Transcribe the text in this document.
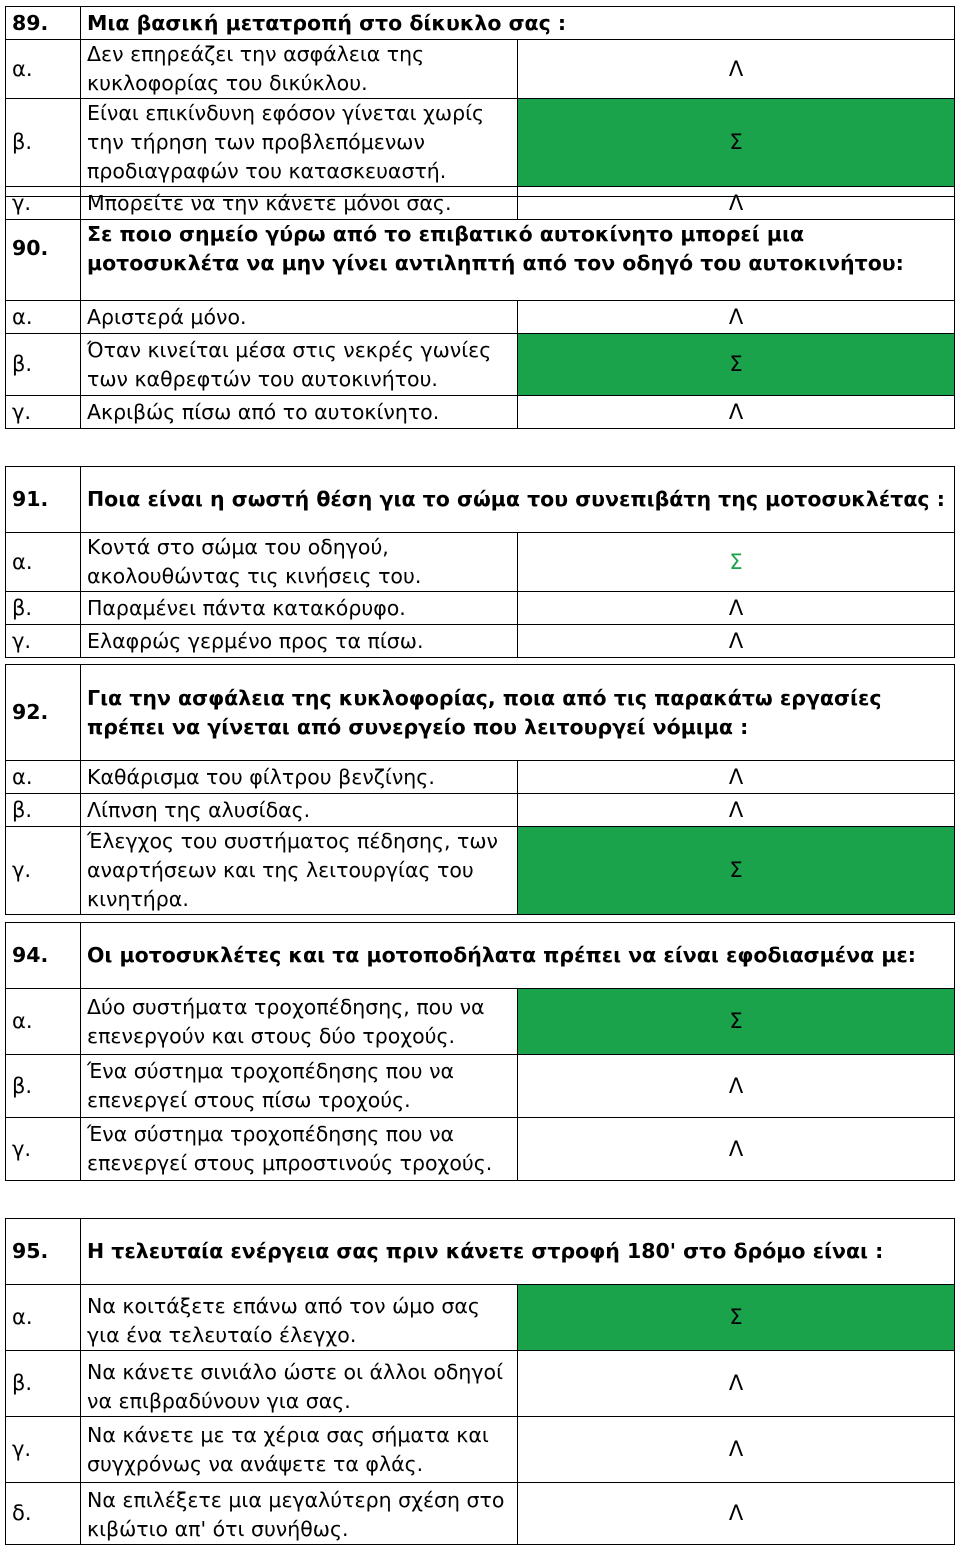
89.	Μια βασική μετατροπή στο δίκυκλο σας :	
α.	Δεν επηρεάζει την ασφάλεια της κυκλοφορίας του δικύκλου.	Λ
β.	Είναι επικίνδυνη εφόσον γίνεται χωρίς την τήρηση των προβλεπόμενων προδιαγραφών του κατασκευαστή.	Σ
γ.	Μπορείτε να την κάνετε μόνοι σας.	Λ
90.	Σε ποιο σημείο γύρω από το επιβατικό αυτοκίνητο μπορεί μια μοτοσυκλέτα να μην γίνει αντιληπτή από τον οδηγό του αυτοκινήτου:	
α.	Αριστερά μόνο.	Λ
β.	Όταν κινείται μέσα στις νεκρές γωνίες των καθρεφτών του αυτοκινήτου.	Σ
γ.	Ακριβώς πίσω από το αυτοκίνητο.	Λ
91.	Ποια είναι η σωστή θέση για το σώμα του συνεπιβάτη της μοτοσυκλέτας :	
α.	Κοντά στο σώμα του οδηγού, ακολουθώντας τις κινήσεις του.	Σ
β.	Παραμένει πάντα κατακόρυφο.	Λ
γ.	Ελαφρώς γερμένο προς τα πίσω.	Λ
92.	Για την ασφάλεια της κυκλοφορίας, ποια από τις παρακάτω εργασίες πρέπει να γίνεται από συνεργείο που λειτουργεί νόμιμα :	
α.	Καθάρισμα του φίλτρου βενζίνης.	Λ
β.	Λίπνση της αλυσίδας.	Λ
γ.	Έλεγχος του συστήματος πέδησης, των αναρτήσεων και της λειτουργίας του κινητήρα.	Σ
94.	Οι μοτοσυκλέτες και τα μοτοποδήλατα πρέπει να είναι εφοδιασμένα με:	
α.	Δύο συστήματα τροχοπέδησης, που να επενεργούν και στους δύο τροχούς.	Σ
β.	Ένα σύστημα τροχοπέδησης που να επενεργεί στους πίσω τροχούς.	Λ
γ.	Ένα σύστημα τροχοπέδησης που να επενεργεί στους μπροστινούς τροχούς.	Λ
95.	Η τελευταία ενέργεια σας πριν κάνετε στροφή 180' στο δρόμο είναι :	
α.	Να κοιτάξετε επάνω από τον ώμο σας για ένα τελευταίο έλεγχο.	Σ
β.	Να κάνετε σινιάλο ώστε οι άλλοι οδηγοί να επιβραδύνουν για σας.	Λ
γ.	Να κάνετε με τα χέρια σας σήματα και συγχρόνως να ανάψετε τα φλάς.	Λ
δ.	Να επιλέξετε μια μεγαλύτερη σχέση στο κιβώτιο απ' ότι συνήθως.	Λ
